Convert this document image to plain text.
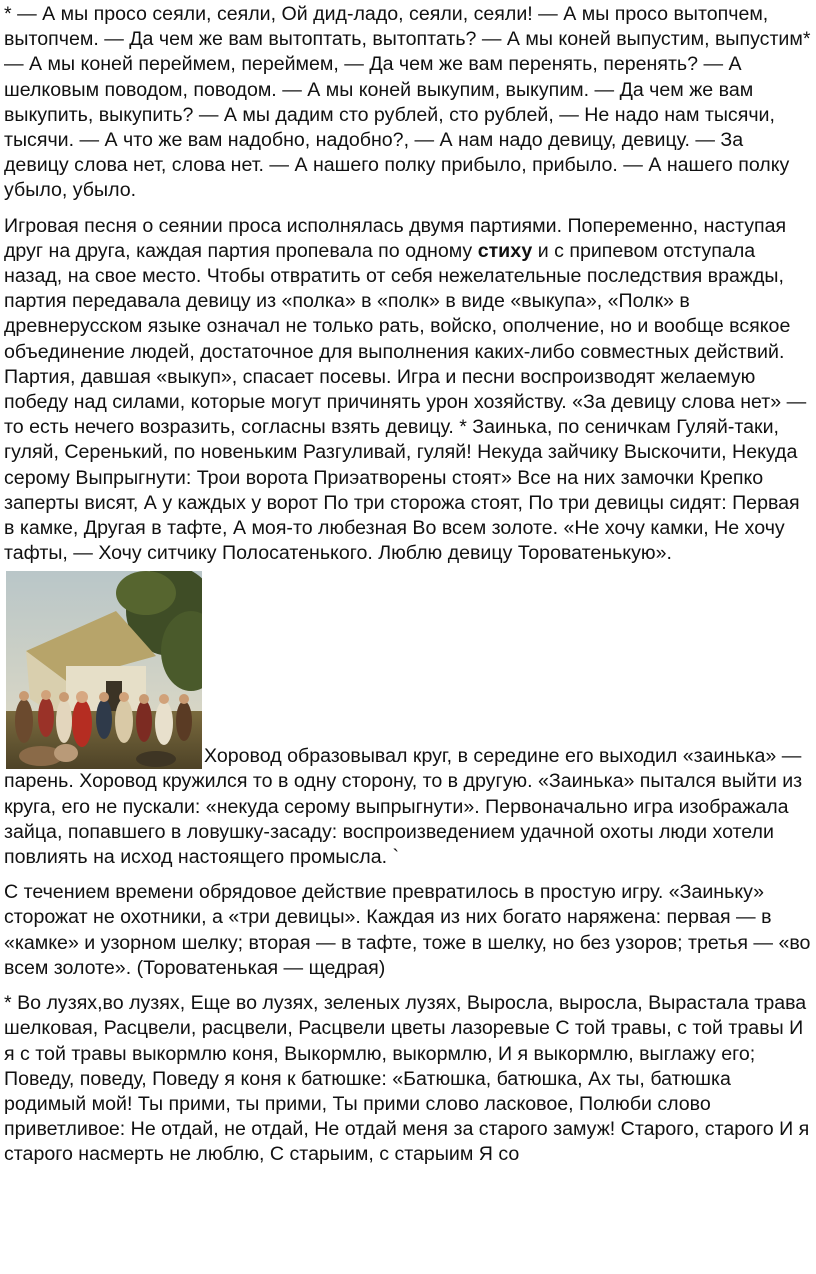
* — А мы просо сеяли, сеяли, Ой дид-ладо, сеяли, сеяли! — А мы просо вытопчем, вытопчем. — Да чем же вам вытоптать, вытоптать? — А мы коней выпустим, выпустим* — А мы коней переймем, переймем, — Да чем же вам перенять, перенять? — А шелковым поводом, поводом. — А мы коней выкупим, выкупим. — Да чем же вам выкупить, выкупить? — А мы дадим сто рублей, сто рублей, — Не надо нам тысячи, тысячи. — А что же вам надобно, надобно?, — А нам надо девицу, девицу. — За девицу слова нет, слова нет. — А нашего полку прибыло, прибыло. — А нашего полку убыло, убыло.

Игровая песня о сеянии проса исполнялась двумя партиями. Попеременно, наступая друг на друга, каждая партия пропевала по одному стиху и с припевом отступала назад, на свое место. Чтобы отвратить от себя нежелательные последствия вражды, партия передавала девицу из «полка» в «полк» в виде «выкупа», «Полк» в древнерусском языке означал не только рать, войско, ополчение, но и вообще всякое объединение людей, достаточное для выполнения каких-либо совместных действий. Партия, давшая «выкуп», спасает посевы. Игра и песни воспроизводят желаемую победу над силами, которые могут причинять урон хозяйству. «За девицу слова нет» — то есть нечего возразить, согласны взять девицу. * Заинька, по сеничкам Гуляй-таки, гуляй, Серенький, по новеньким Разгуливай, гуляй! Некуда зайчику Выскочити, Некуда серому Выпрыгнути: Трои ворота Приэатворены стоят» Все на них замочки Крепко заперты висят, А у каждых у ворот По три сторожа стоят, По три девицы сидят: Первая в камке, Другая в тафте, А моя-то любезная Во всем золоте. «Не хочу камки, Не хочу тафты, — Хочу ситчику Полосатенького. Люблю девицу Тороватенькую».

Хоровод образовывал круг, в середине его выходил «заинька» — парень. Хоровод кружился то в одну сторону, то в другую. «Заинька» пытался выйти из круга, его не пускали: «некуда серому выпрыгнути». Первоначально игра изображала зайца, попавшего в ловушку-засаду: воспроизведением удачной охоты люди хотели повлиять на исход настоящего промысла. `

С течением времени обрядовое действие превратилось в простую игру. «Заиньку» сторожат не охотники, а «три девицы». Каждая из них богато наряжена: первая — в «камке» и узорном шелку; вторая — в тафте, тоже в шелку, но без узоров; третья — «во всем золоте». (Тороватенькая — щедрая)

* Во лузях,во лузях, Еще во лузях, зеленых лузях, Выросла, выросла, Вырастала трава шелковая, Расцвели, расцвели, Расцвели цветы лазоревые С той травы, с той травы И я с той травы выкормлю коня, Выкормлю, выкормлю, И я выкормлю, выглажу его; Поведу, поведу, Поведу я коня к батюшке: «Батюшка, батюшка, Ах ты, батюшка родимый мой! Ты прими, ты прими, Ты прими слово ласковое, Полюби слово приветливое: Не отдай, не отдай, Не отдай меня за старого замуж! Старого, старого И я старого насмерть не люблю, С старыим, с старыим Я со
